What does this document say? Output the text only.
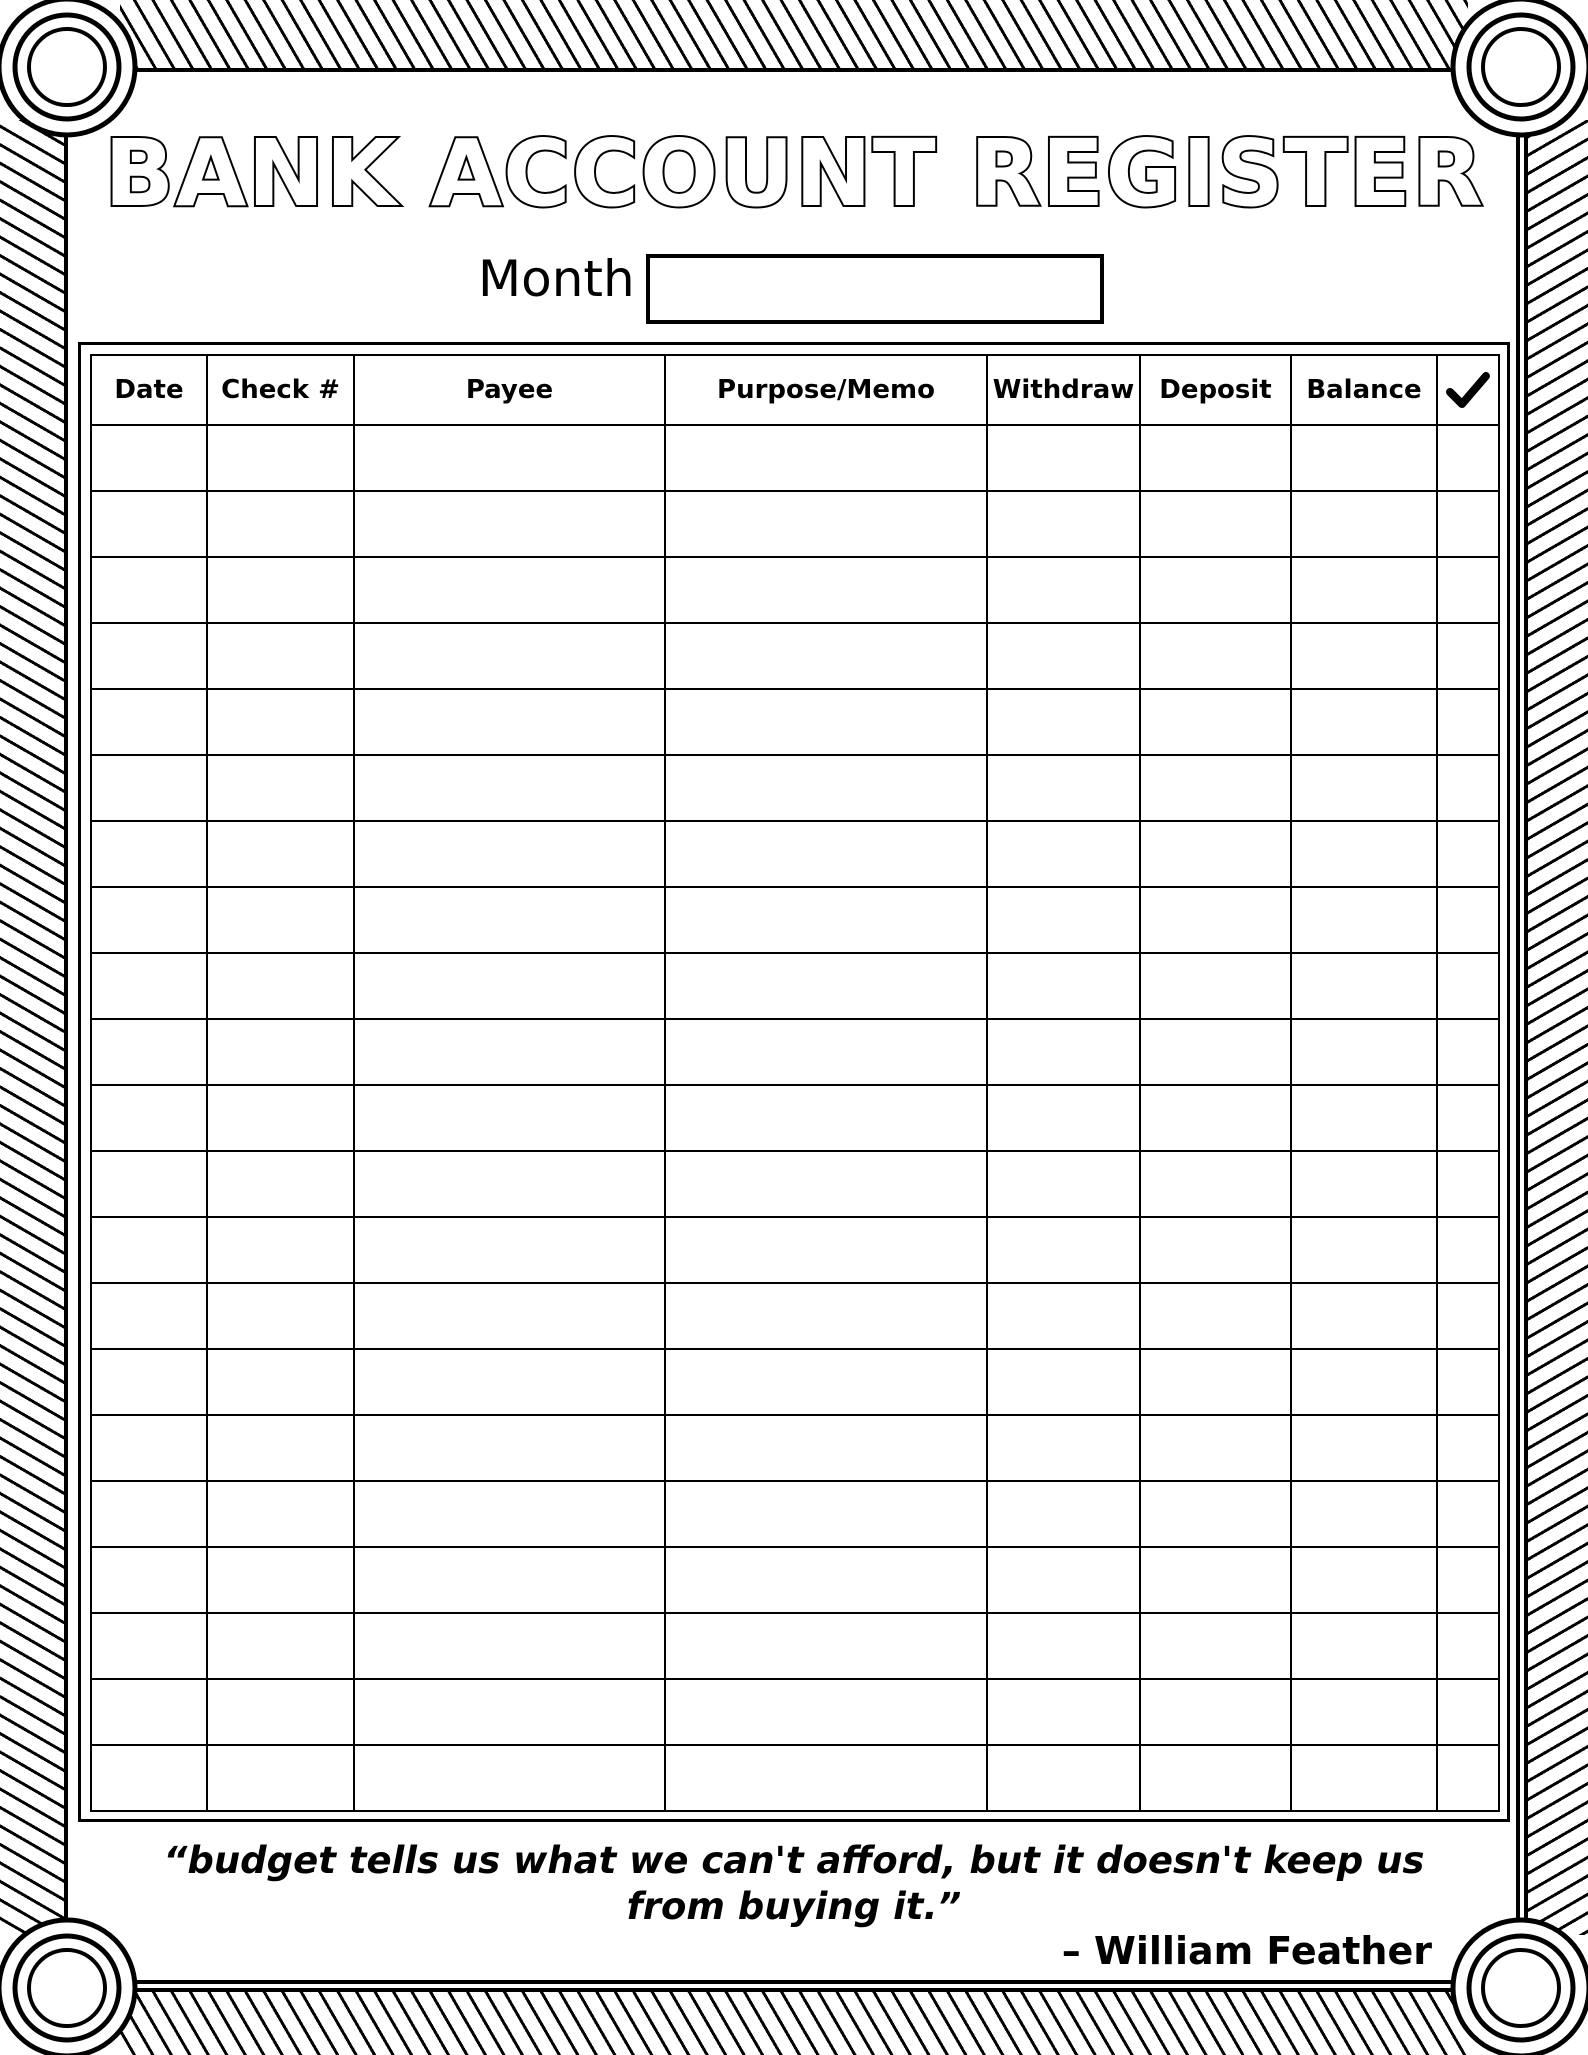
BANK ACCOUNT REGISTER
Month
Date	Check #	Payee	Purpose/Memo	Withdraw	Deposit	Balance	

“budget tells us what we can't afford, but it doesn't keep us from buying it.”
– William Feather
